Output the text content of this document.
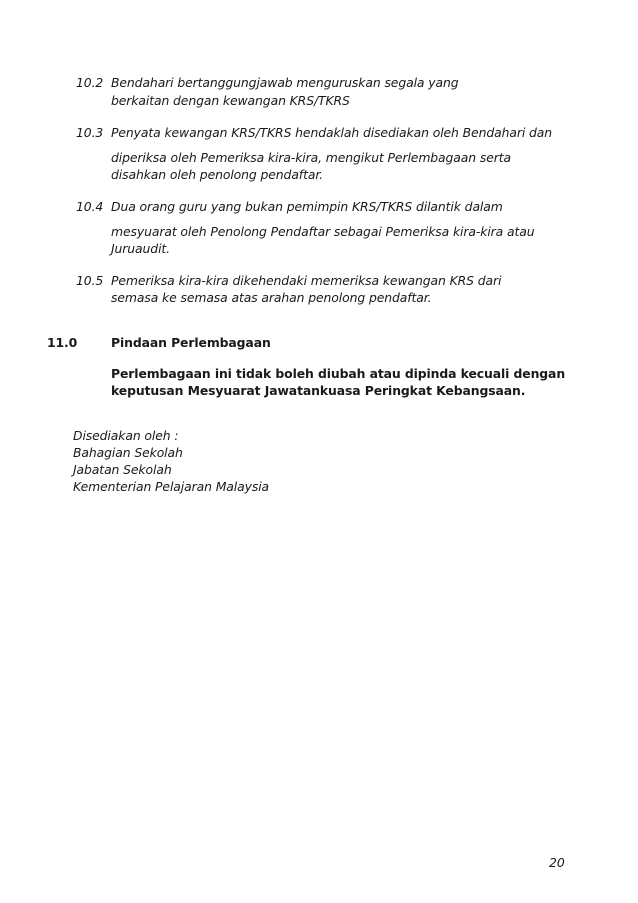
10.2 Bendahari bertanggungjawab menguruskan segala yang
berkaitan dengan kewangan KRS/TKRS
10.3 Penyata kewangan KRS/TKRS hendaklah disediakan oleh Bendahari dan
diperiksa oleh Pemeriksa kira-kira, mengikut Perlembagaan serta
disahkan oleh penolong pendaftar.
10.4 Dua orang guru yang bukan pemimpin KRS/TKRS dilantik dalam
mesyuarat oleh Penolong Pendaftar sebagai Pemeriksa kira-kira atau
Juruaudit.
10.5 Pemeriksa kira-kira dikehendaki memeriksa kewangan KRS dari
semasa ke semasa atas arahan penolong pendaftar.
11.0	Pindaan Perlembagaan
Perlembagaan ini tidak boleh diubah atau dipinda kecuali dengan
keputusan Mesyuarat Jawatankuasa Peringkat Kebangsaan.
Disediakan oleh :
Bahagian Sekolah
Jabatan Sekolah
Kementerian Pelajaran Malaysia
20
